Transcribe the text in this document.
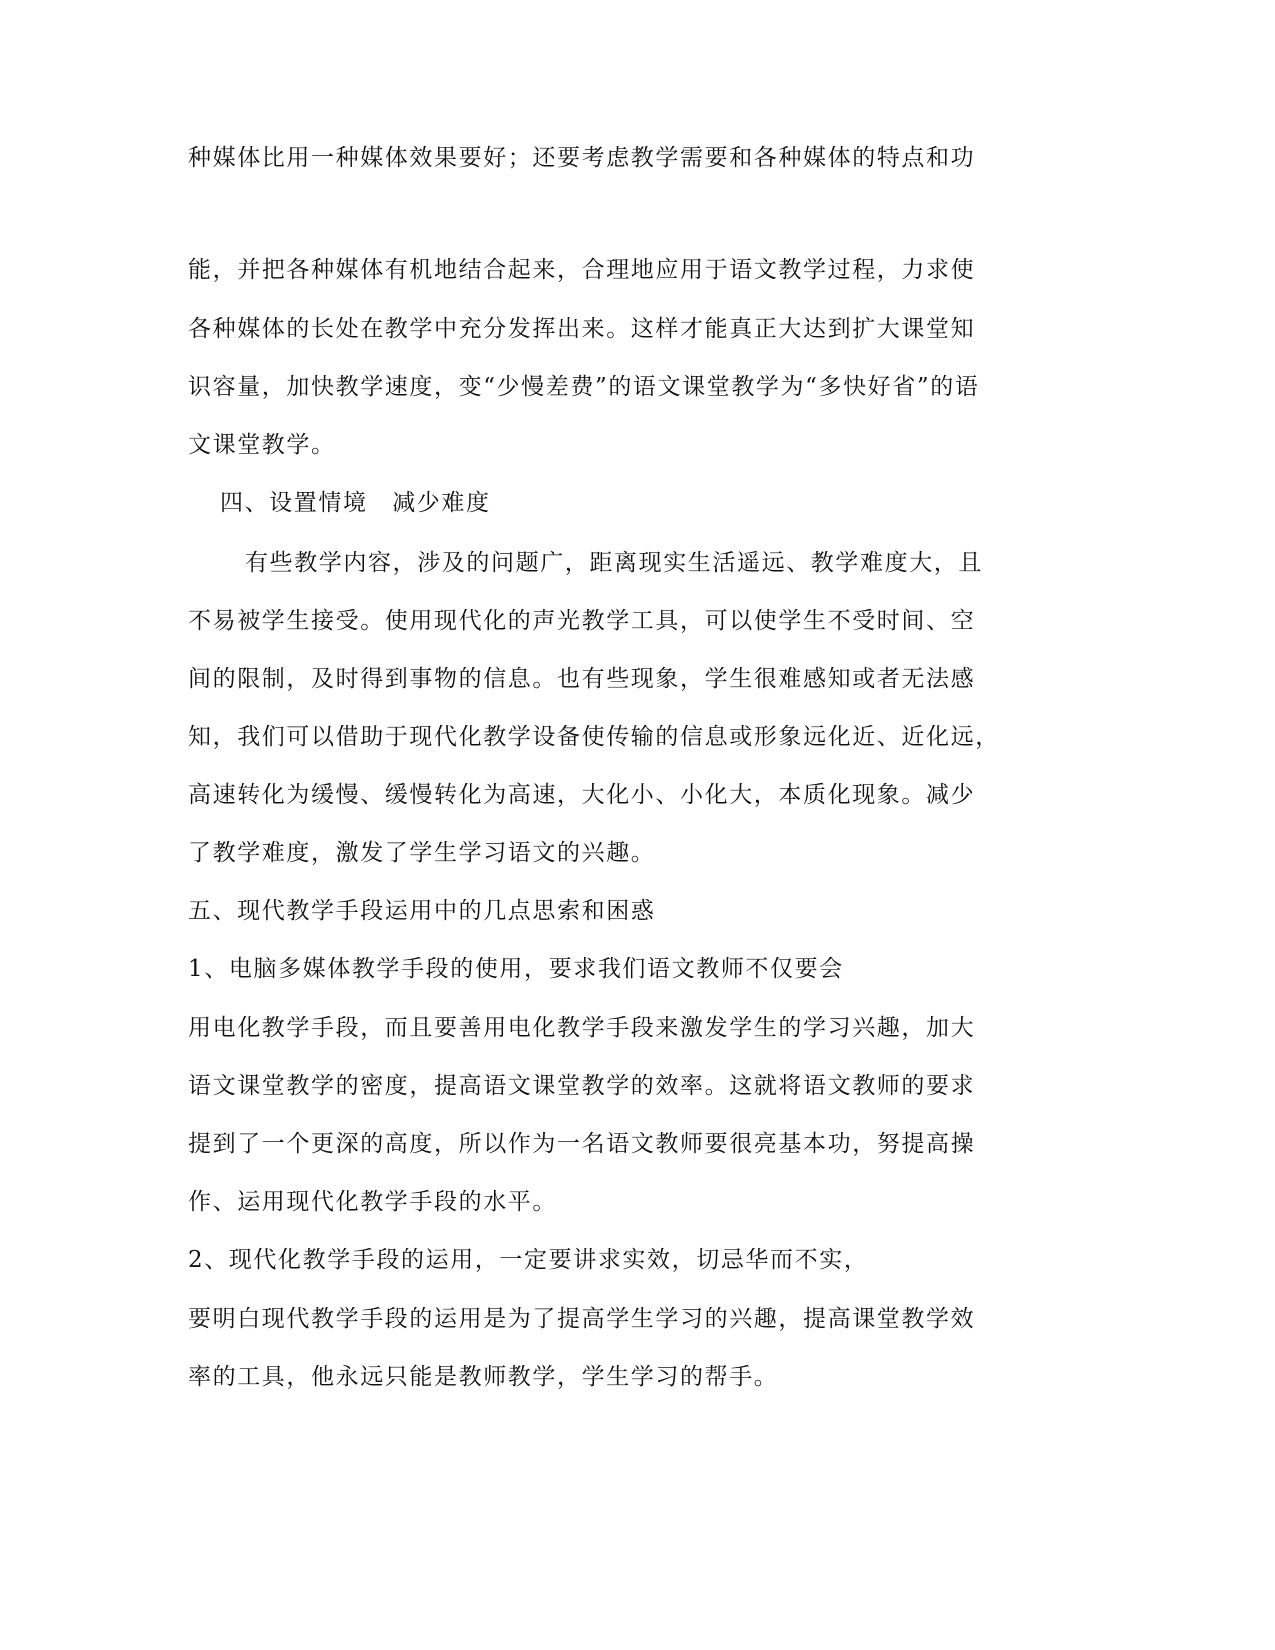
种媒体比用一种媒体效果要好；还要考虑教学需要和各种媒体的特点和功
能，并把各种媒体有机地结合起来，合理地应用于语文教学过程，力求使
各种媒体的长处在教学中充分发挥出来。这样才能真正大达到扩大课堂知
识容量，加快教学速度，变“少慢差费”的语文课堂教学为“多快好省”的语
文课堂教学。
四、设置情境　减少难度
有些教学内容，涉及的问题广，距离现实生活遥远、教学难度大，且
不易被学生接受。使用现代化的声光教学工具，可以使学生不受时间、空
间的限制，及时得到事物的信息。也有些现象，学生很难感知或者无法感
知，我们可以借助于现代化教学设备使传输的信息或形象远化近、近化远，
高速转化为缓慢、缓慢转化为高速，大化小、小化大，本质化现象。减少
了教学难度，激发了学生学习语文的兴趣。
五、现代教学手段运用中的几点思索和困惑
1、电脑多媒体教学手段的使用，要求我们语文教师不仅要会
用电化教学手段，而且要善用电化教学手段来激发学生的学习兴趣，加大
语文课堂教学的密度，提高语文课堂教学的效率。这就将语文教师的要求
提到了一个更深的高度，所以作为一名语文教师要很亮基本功，努提高操
作、运用现代化教学手段的水平。
2、现代化教学手段的运用，一定要讲求实效，切忌华而不实，
要明白现代教学手段的运用是为了提高学生学习的兴趣，提高课堂教学效
率的工具，他永远只能是教师教学，学生学习的帮手。
